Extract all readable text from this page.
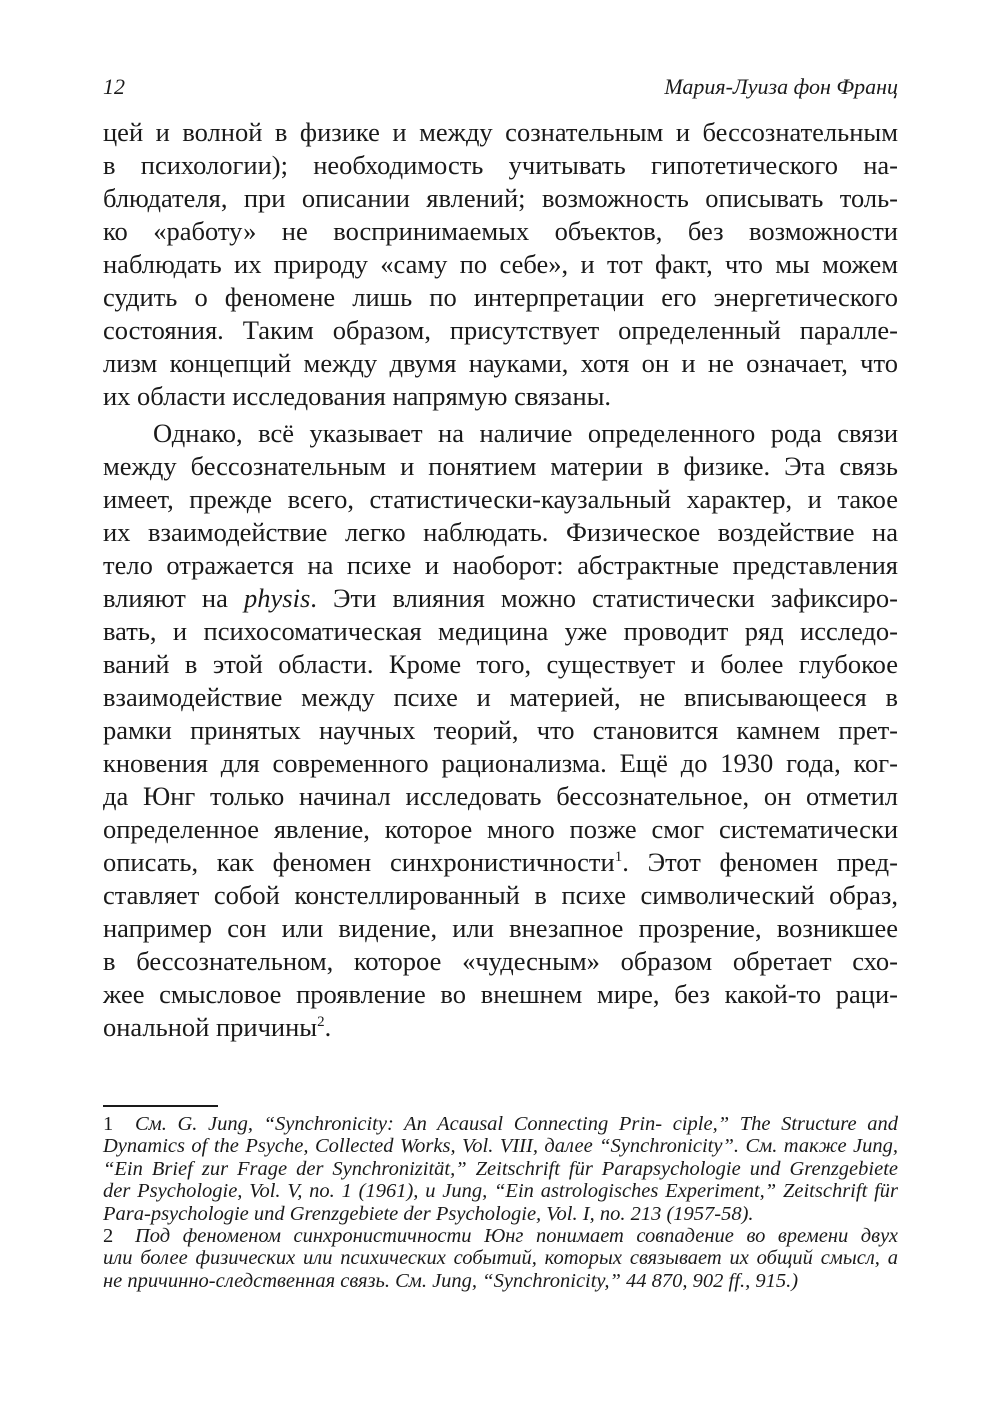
12	Мария-Луиза фон Франц
цей и волной в физике и между сознательным и бессознательным
в психологии); необходимость учитывать гипотетического на-
блюдателя, при описании явлений; возможность описывать толь-
ко «работу» не воспринимаемых объектов, без возможности
наблюдать их природу «саму по себе», и тот факт, что мы можем
судить о феномене лишь по интерпретации его энергетического
состояния. Таким образом, присутствует определенный паралле-
лизм концепций между двумя науками, хотя он и не означает, что
их области исследования напрямую связаны.
Однако, всё указывает на наличие определенного рода связи
между бессознательным и понятием материи в физике. Эта связь
имеет, прежде всего, статистически-каузальный характер, и такое
их взаимодействие легко наблюдать. Физическое воздействие на
тело отражается на психе и наоборот: абстрактные представления
влияют на physis. Эти влияния можно статистически зафиксиро-
вать, и психосоматическая медицина уже проводит ряд исследо-
ваний в этой области. Кроме того, существует и более глубокое
взаимодействие между психе и материей, не вписывающееся в
рамки принятых научных теорий, что становится камнем прет-
кновения для современного рационализма. Ещё до 1930 года, ког-
да Юнг только начинал исследовать бессознательное, он отметил
определенное явление, которое много позже смог систематически
описать, как феномен синхронистичности$^1$. Этот феномен пред-
ставляет собой констеллированный в психе символический образ,
например сон или видение, или внезапное прозрение, возникшее
в бессознательном, которое «чудесным» образом обретает схо-
жее смысловое проявление во внешнем мире, без какой-то раци-
ональной причины$^2$.
1 См. G. Jung, “Synchronicity: An Acausal Connecting Prin- ciple,” The Structure and
Dynamics of the Psyche, Collected Works, Vol. VIII, далее “Synchronicity”. См. также Jung,
“Ein Brief zur Frage der Synchronizität,” Zeitschrift für Parapsychologie und Grenzgebiete
der Psychologie, Vol. V, no. 1 (1961), и Jung, “Ein astrologisches Experiment,” Zeitschrift für
Para-psychologie und Grenzgebiete der Psychologie, Vol. I, no. 213 (1957-58).
2 Под феноменом синхронистичности Юнг понимает совпадение во времени двух
или более физических или психических событий, которых связывает их общий смысл, а
не причинно-следственная связь. См. Jung, “Synchronicity,” 44 870, 902 ff., 915.)
